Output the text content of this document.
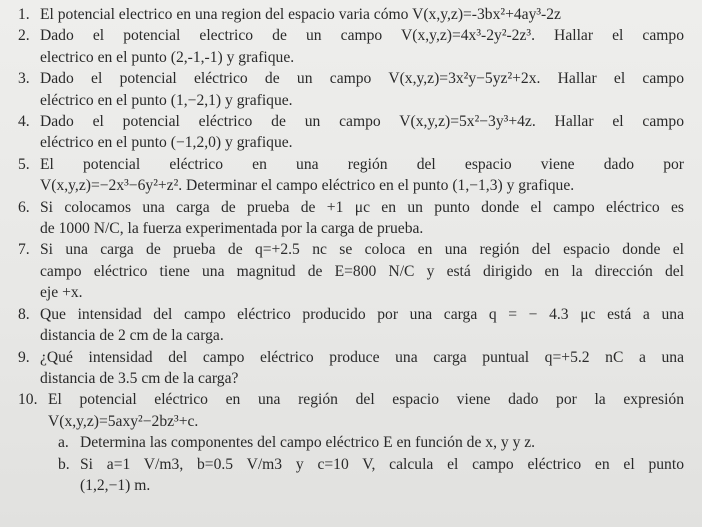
1. El potencial electrico en una region del espacio varia cómo V(x,y,z)=-3bx²+4ay³-2z
2. Dado el potencial electrico de un campo V(x,y,z)=4x³-2y²-2z³. Hallar el campo
electrico en el punto (2,-1,-1) y grafique.
3. Dado el potencial eléctrico de un campo V(x,y,z)=3x²y−5yz²+2x. Hallar el campo
eléctrico en el punto (1,−2,1) y grafique.
4. Dado el potencial eléctrico de un campo V(x,y,z)=5x²−3y³+4z. Hallar el campo
eléctrico en el punto (−1,2,0) y grafique.
5. El potencial eléctrico en una región del espacio viene dado por
V(x,y,z)=−2x³−6y²+z². Determinar el campo eléctrico en el punto (1,−1,3) y grafique.
6. Si colocamos una carga de prueba de +1 μc en un punto donde el campo eléctrico es
de 1000 N/C, la fuerza experimentada por la carga de prueba.
7. Si una carga de prueba de q=+2.5 nc se coloca en una región del espacio donde el
campo eléctrico tiene una magnitud de E=800 N/C y está dirigido en la dirección del
eje +x.
8. Que intensidad del campo eléctrico producido por una carga q = − 4.3 μc está a una
distancia de 2 cm de la carga.
9. ¿Qué intensidad del campo eléctrico produce una carga puntual q=+5.2 nC a una
distancia de 3.5 cm de la carga?
10. El potencial eléctrico en una región del espacio viene dado por la expresión
V(x,y,z)=5axy²−2bz³+c.
a. Determina las componentes del campo eléctrico E en función de x, y y z.
b. Si a=1 V/m3, b=0.5 V/m3 y c=10 V, calcula el campo eléctrico en el punto
(1,2,−1) m.
